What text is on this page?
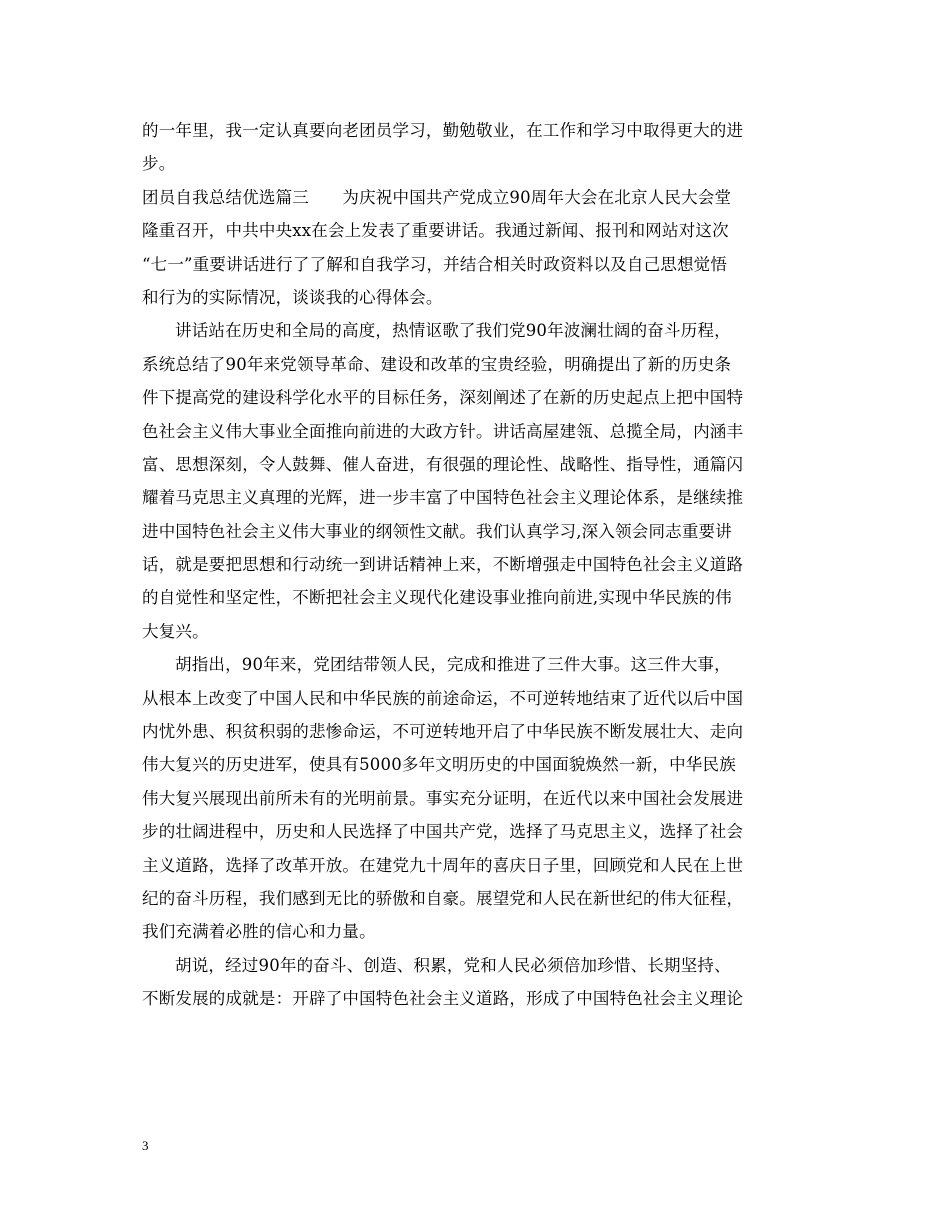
的一年里，我一定认真要向老团员学习，勤勉敬业，在工作和学习中取得更大的进
步。
团员自我总结优选篇三　　为庆祝中国共产党成立90周年大会在北京人民大会堂
隆重召开，中共中央xx在会上发表了重要讲话。我通过新闻、报刊和网站对这次
“七一”重要讲话进行了了解和自我学习，并结合相关时政资料以及自己思想觉悟
和行为的实际情况，谈谈我的心得体会。
讲话站在历史和全局的高度，热情讴歌了我们党90年波澜壮阔的奋斗历程，
系统总结了90年来党领导革命、建设和改革的宝贵经验，明确提出了新的历史条
件下提高党的建设科学化水平的目标任务，深刻阐述了在新的历史起点上把中国特
色社会主义伟大事业全面推向前进的大政方针。讲话高屋建瓴、总揽全局，内涵丰
富、思想深刻，令人鼓舞、催人奋进，有很强的理论性、战略性、指导性，通篇闪
耀着马克思主义真理的光辉，进一步丰富了中国特色社会主义理论体系，是继续推
进中国特色社会主义伟大事业的纲领性文献。我们认真学习,深入领会同志重要讲
话，就是要把思想和行动统一到讲话精神上来，不断增强走中国特色社会主义道路
的自觉性和坚定性，不断把社会主义现代化建设事业推向前进,实现中华民族的伟
大复兴。
胡指出，90年来，党团结带领人民，完成和推进了三件大事。这三件大事，
从根本上改变了中国人民和中华民族的前途命运，不可逆转地结束了近代以后中国
内忧外患、积贫积弱的悲惨命运，不可逆转地开启了中华民族不断发展壮大、走向
伟大复兴的历史进军，使具有5000多年文明历史的中国面貌焕然一新，中华民族
伟大复兴展现出前所未有的光明前景。事实充分证明，在近代以来中国社会发展进
步的壮阔进程中，历史和人民选择了中国共产党，选择了马克思主义，选择了社会
主义道路，选择了改革开放。在建党九十周年的喜庆日子里，回顾党和人民在上世
纪的奋斗历程，我们感到无比的骄傲和自豪。展望党和人民在新世纪的伟大征程，
我们充满着必胜的信心和力量。
胡说，经过90年的奋斗、创造、积累，党和人民必须倍加珍惜、长期坚持、
不断发展的成就是：开辟了中国特色社会主义道路，形成了中国特色社会主义理论
3
